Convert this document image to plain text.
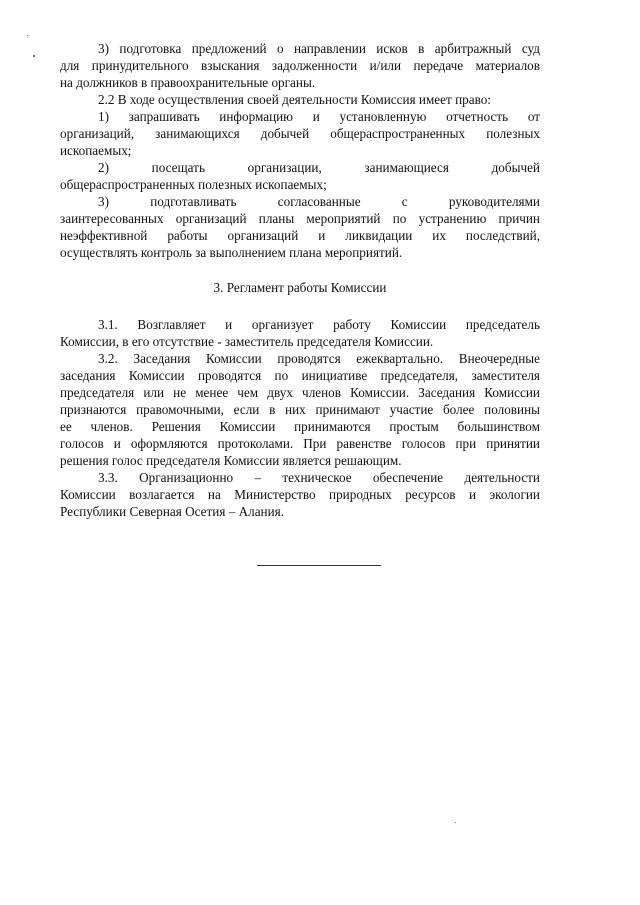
3) подготовка предложений о направлении исков в арбитражный суд

для принудительного взыскания задолженности и/или передаче материалов

на должников в правоохранительные органы.

2.2 В ходе осуществления своей деятельности Комиссия имеет право:

1) запрашивать информацию и установленную отчетность от

организаций, занимающихся добычей общераспространенных полезных

ископаемых;

2) посещать организации, занимающиеся добычей

общераспространенных полезных ископаемых;

3) подготавливать согласованные с руководителями

заинтересованных организаций планы мероприятий по устранению причин

неэффективной работы организаций и ликвидации их последствий,

осуществлять контроль за выполнением плана мероприятий.

3. Регламент работы Комиссии

3.1. Возглавляет и организует работу Комиссии председатель

Комиссии, в его отсутствие - заместитель председателя Комиссии.

3.2. Заседания Комиссии проводятся ежеквартально. Внеочередные

заседания Комиссии проводятся по инициативе председателя, заместителя

председателя или не менее чем двух членов Комиссии. Заседания Комиссии

признаются правомочными, если в них принимают участие более половины

ее членов. Решения Комиссии принимаются простым большинством

голосов и оформляются протоколами. При равенстве голосов при принятии

решения голос председателя Комиссии является решающим.

3.3. Организационно – техническое обеспечение деятельности

Комиссии возлагается на Министерство природных ресурсов и экологии

Республики Северная Осетия – Алания.
